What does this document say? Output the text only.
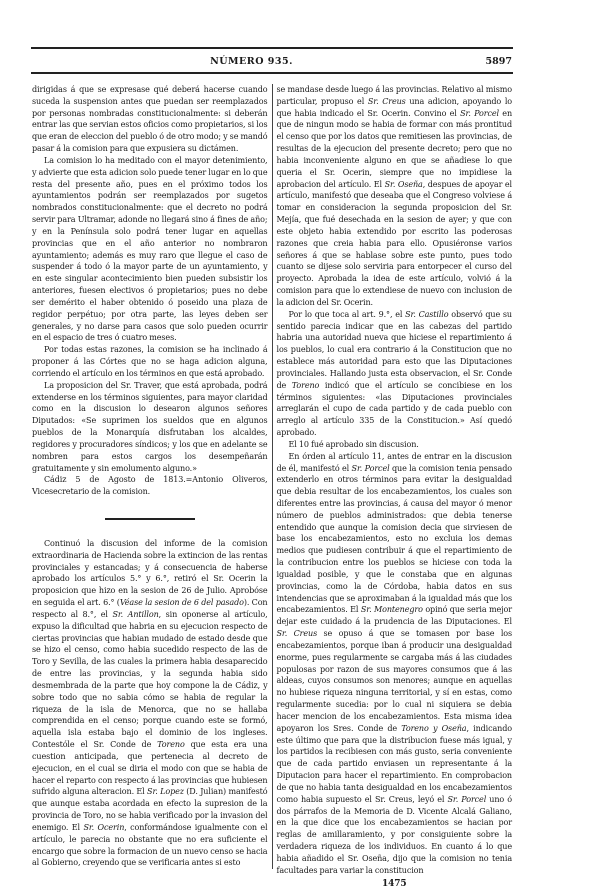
NÚMERO 935.	5897

dirigidas á que se expresase qué deberá hacerse cuando suceda la suspension antes que puedan ser reemplazados por personas nombradas constitucionalmente: si deberán entrar las que servian estos oficios como propietarios, si los que eran de eleccion del pueblo ó de otro modo; y se mandó pasar á la comision para que expusiera su dictámen.

La comision lo ha meditado con el mayor detenimiento, y advierte que esta adicion solo puede tener lugar en lo que resta del presente año, pues en el próximo todos los ayuntamientos podrán ser reemplazados por sugetos nombrados constitucionalmente: que el decreto no podrá servir para Ultramar, adonde no llegará sino á fines de año; y en la Península solo podrá tener lugar en aquellas provincias que en el año anterior no nombraron ayuntamiento; además es muy raro que llegue el caso de suspender á todo ó la mayor parte de un ayuntamiento, y en este singular acontecimiento bien pueden subsistir los anteriores, fuesen electivos ó propietarios; pues no debe ser demérito el haber obtenido ó poseido una plaza de regidor perpétuo; por otra parte, las leyes deben ser generales, y no darse para casos que solo pueden ocurrir en el espacio de tres ó cuatro meses.

Por todas estas razones, la comision se ha inclinado á proponer á las Córtes que no se haga adicion alguna, corriendo el artículo en los términos en que está aprobado.

La proposicion del Sr. Traver, que está aprobada, podrá extenderse en los términos siguientes, para mayor claridad como en la discusion lo desearon algunos señores Diputados: «Se suprimen los sueldos que en algunos pueblos de la Monarquía disfrutaban los alcaldes, regidores y procuradores síndicos; y los que en adelante se nombren para estos cargos los desempeñarán gratuitamente y sin emolumento alguno.»

Cádiz 5 de Agosto de 1813.=Antonio Oliveros, Vicesecretario de la comision.

Continuó la discusion del informe de la comision extraordinaria de Hacienda sobre la extincion de las rentas provinciales y estancadas; y á consecuencia de haberse aprobado los artículos 5.° y 6.°, retiró el Sr. Ocerin la proposicion que hizo en la sesion de 26 de Julio. Aprobóse en seguida el art. 6.° (Véase la sesion de 6 del pasado). Con respecto al 8.°, el Sr. Antillon, sin oponerse al artículo, expuso la dificultad que habria en su ejecucion respecto de ciertas provincias que habian mudado de estado desde que se hizo el censo, como habia sucedido respecto de las de Toro y Sevilla, de las cuales la primera habia desaparecido de entre las provincias, y la segunda habia sido desmembrada de la parte que hoy compone la de Cádiz, y sobre todo que no sabia cómo se habia de regular la riqueza de la isla de Menorca, que no se hallaba comprendida en el censo; porque cuando este se formó, aquella isla estaba bajo el dominio de los ingleses. Contestóle el Sr. Conde de Toreno que esta era una cuestion anticipada, que pertenecia al decreto de ejecucion, en el cual se diria el modo con que se habia de hacer el reparto con respecto á las provincias que hubiesen sufrido alguna alteracion. El Sr. Lopez (D. Julian) manifestó que aunque estaba acordada en efecto la supresion de la provincia de Toro, no se habia verificado por la invasion del enemigo. El Sr. Ocerin, conformándose igualmente con el artículo, le parecia no obstante que no era suficiente el encargo que sobre la formacion de un nuevo censo se hacia al Gobierno, creyendo que se verificaria antes si esto

se mandase desde luego á las provincias. Relativo al mismo particular, propuso el Sr. Creus una adicion, apoyando lo que habia indicado el Sr. Ocerin. Convino el Sr. Porcel en que de ningun modo se habia de formar con más prontitud el censo que por los datos que remitiesen las provincias, de resultas de la ejecucion del presente decreto; pero que no habia inconveniente alguno en que se añadiese lo que queria el Sr. Ocerin, siempre que no impidiese la aprobacion del artículo. El Sr. Oseña, despues de apoyar el artículo, manifestó que deseaba que el Congreso volviese á tomar en consideracion la segunda proposicion del Sr. Mejía, que fué desechada en la sesion de ayer; y que con este objeto habia extendido por escrito las poderosas razones que creia habia para ello. Opusiéronse varios señores á que se hablase sobre este punto, pues todo cuanto se dijese solo serviria para entorpecer el curso del proyecto. Aprobada la idea de este artículo, volvió á la comision para que lo extendiese de nuevo con inclusion de la adicion del Sr. Ocerin.

Por lo que toca al art. 9.°, el Sr. Castillo observó que su sentido parecia indicar que en las cabezas del partido habria una autoridad nueva que hiciese el repartimiento á los pueblos, lo cual era contrario á la Constitucion que no establece más autoridad para esto que las Diputaciones provinciales. Hallando justa esta observacion, el Sr. Conde de Toreno indicó que el artículo se concibiese en los términos siguientes: «las Diputaciones provinciales arreglarán el cupo de cada partido y de cada pueblo con arreglo al artículo 335 de la Constitucion.» Así quedó aprobado.

El 10 fué aprobado sin discusion.

En órden al artículo 11, antes de entrar en la discusion de él, manifestó el Sr. Porcel que la comision tenia pensado extenderlo en otros términos para evitar la desigualdad que debia resultar de los encabezamientos, los cuales son diferentes entre las provincias, á causa del mayor ó menor número de pueblos administrados: que debia tenerse entendido que aunque la comision decia que sirviesen de base los encabezamientos, esto no excluia los demas medios que pudiesen contribuir á que el repartimiento de la contribucion entre los pueblos se hiciese con toda la igualdad posible, y que le constaba que en algunas provincias, como la de Córdoba, habia datos en sus intendencias que se aproximaban á la igualdad más que los encabezamientos. El Sr. Montenegro opinó que seria mejor dejar este cuidado á la prudencia de las Diputaciones. El Sr. Creus se opuso á que se tomasen por base los encabezamientos, porque iban á producir una desigualdad enorme, pues regularmente se cargaba más á las ciudades populosas por razon de sus mayores consumos que á las aldeas, cuyos consumos son menores; aunque en aquellas no hubiese riqueza ninguna territorial, y sí en estas, como regularmente sucedia: por lo cual ni siquiera se debia hacer mencion de los encabezamientos. Esta misma idea apoyaron los Sres. Conde de Toreno y Oseña, indicando este último que para que la distribucion fuese más igual, y los partidos la recibiesen con más gusto, seria conveniente que de cada partido enviasen un representante á la Diputacion para hacer el repartimiento. En comprobacion de que no habia tanta desigualdad en los encabezamientos como habia supuesto el Sr. Creus, leyó el Sr. Porcel uno ó dos párrafos de la Memoria de D. Vicente Alcalá Galiano, en la que dice que los encabezamientos se hacian por reglas de amillaramiento, y por consiguiente sobre la verdadera riqueza de los individuos. En cuanto á lo que habia añadido el Sr. Oseña, dijo que la comision no tenia facultades para variar la constitucion

1475
